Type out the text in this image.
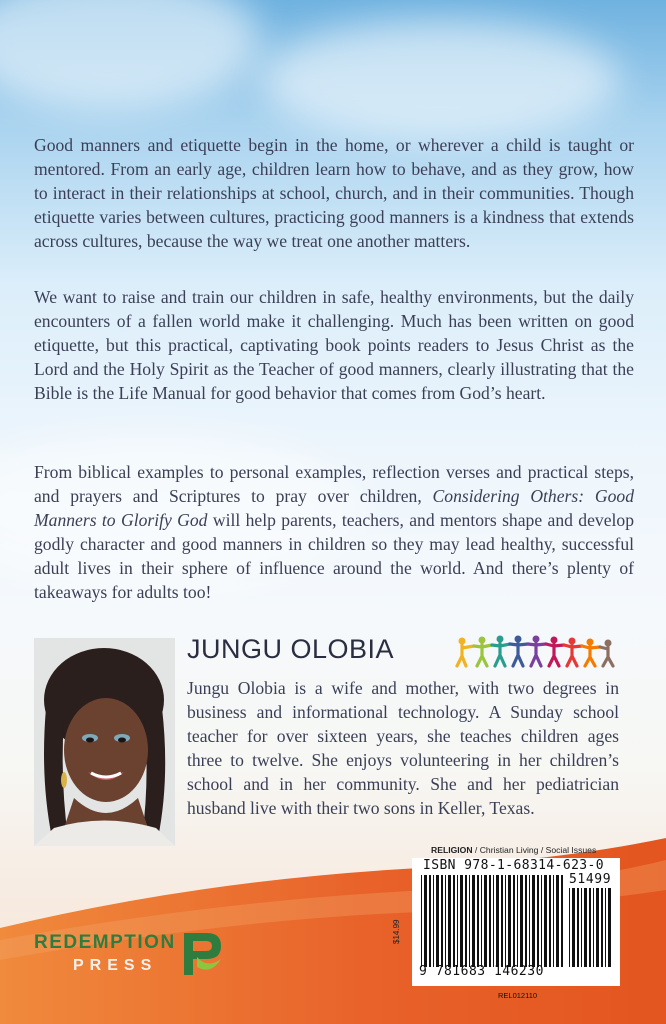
Good manners and etiquette begin in the home, or wherever a child is taught or mentored. From an early age, children learn how to behave, and as they grow, how to interact in their relationships at school, church, and in their communities. Though etiquette varies between cultures, practicing good manners is a kindness that extends across cultures, because the way we treat one another matters.

We want to raise and train our children in safe, healthy environments, but the daily encounters of a fallen world make it challenging. Much has been written on good etiquette, but this practical, captivating book points readers to Jesus Christ as the Lord and the Holy Spirit as the Teacher of good manners, clearly illustrating that the Bible is the Life Manual for good behavior that comes from God’s heart.

From biblical examples to personal examples, reflection verses and practical steps, and prayers and Scriptures to pray over children, Considering Others: Good Manners to Glorify God will help parents, teachers, and mentors shape and develop godly character and good manners in children so they may lead healthy, successful adult lives in their sphere of influence around the world. And there’s plenty of takeaways for adults too!

JUNGU OLOBIA

Jungu Olobia is a wife and mother, with two degrees in business and informational technology. A Sunday school teacher for over sixteen years, she teaches children ages three to twelve. She enjoys volunteering in her children’s school and in her community. She and her pediatrician husband live with their two sons in Keller, Texas.

RELIGION / Christian Living / Social Issues
ISBN 978-1-68314-623-0
51499
9 781683 146230
$14.99
REL012110
REDEMPTION
PRESS
